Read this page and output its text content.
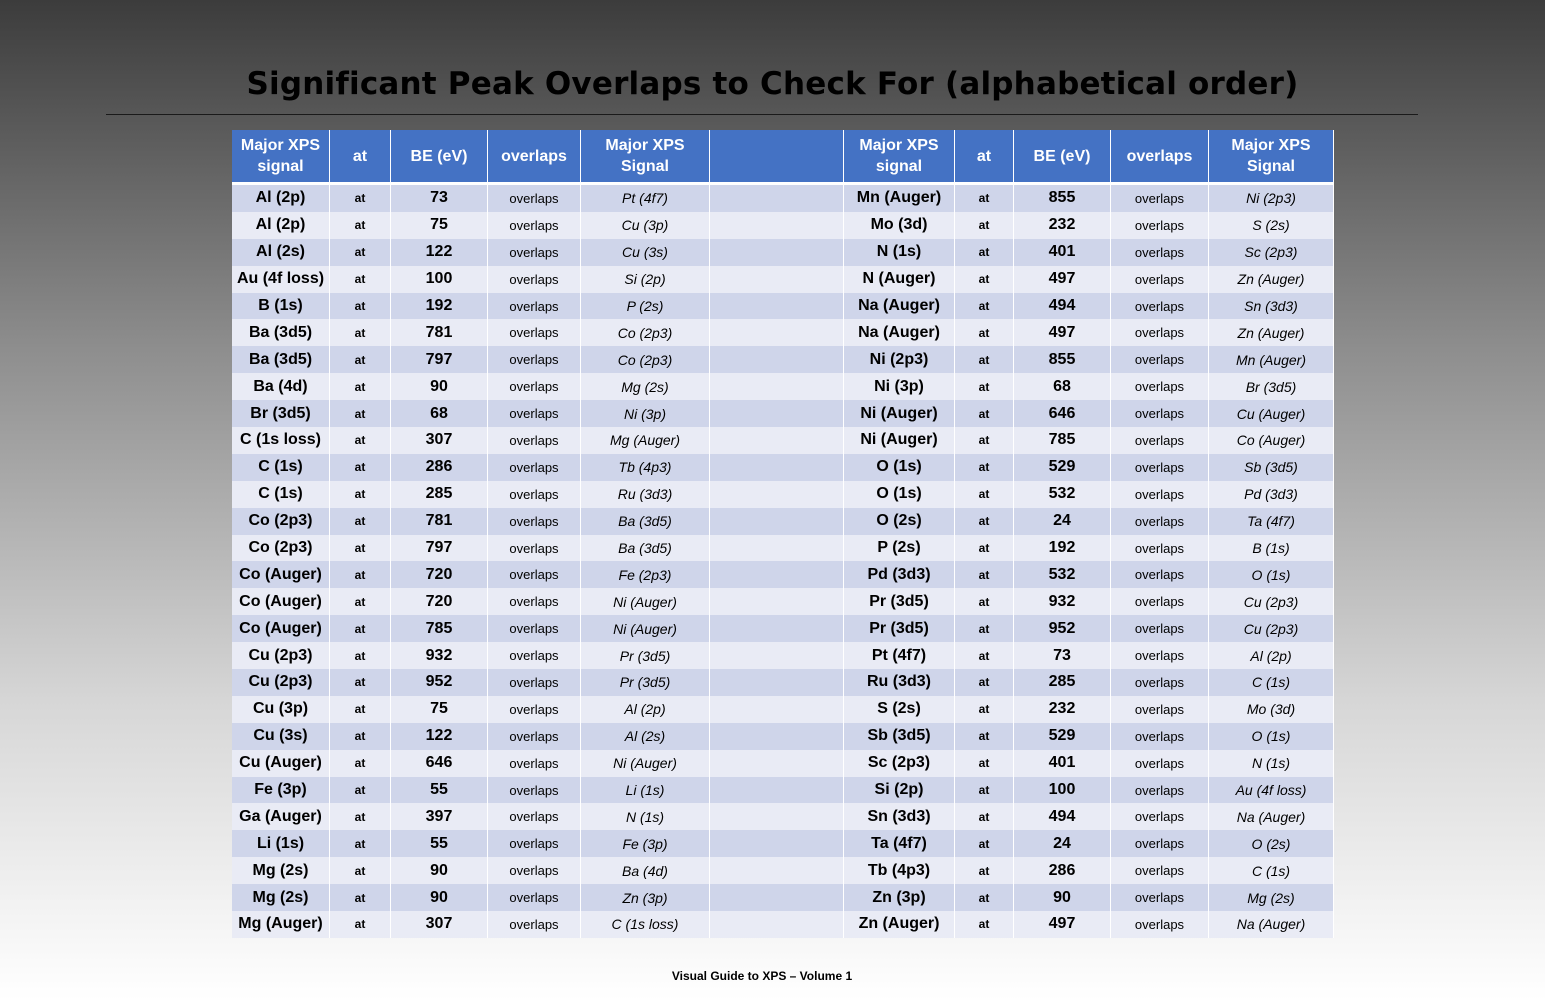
Significant Peak Overlaps to Check For (alphabetical order)
Major XPS signal	at	BE (eV)	overlaps	Major XPS Signal		Major XPS signal	at	BE (eV)	overlaps	Major XPS Signal
Al (2p)	at	73	overlaps	Pt (4f7)		Mn (Auger)	at	855	overlaps	Ni (2p3)
Al (2p)	at	75	overlaps	Cu (3p)		Mo (3d)	at	232	overlaps	S (2s)
Al (2s)	at	122	overlaps	Cu (3s)		N (1s)	at	401	overlaps	Sc (2p3)
Au (4f loss)	at	100	overlaps	Si (2p)		N (Auger)	at	497	overlaps	Zn (Auger)
B (1s)	at	192	overlaps	P (2s)		Na (Auger)	at	494	overlaps	Sn (3d3)
Ba (3d5)	at	781	overlaps	Co (2p3)		Na (Auger)	at	497	overlaps	Zn (Auger)
Ba (3d5)	at	797	overlaps	Co (2p3)		Ni (2p3)	at	855	overlaps	Mn (Auger)
Ba (4d)	at	90	overlaps	Mg (2s)		Ni (3p)	at	68	overlaps	Br (3d5)
Br (3d5)	at	68	overlaps	Ni (3p)		Ni (Auger)	at	646	overlaps	Cu (Auger)
C (1s loss)	at	307	overlaps	Mg (Auger)		Ni (Auger)	at	785	overlaps	Co (Auger)
C (1s)	at	286	overlaps	Tb (4p3)		O (1s)	at	529	overlaps	Sb (3d5)
C (1s)	at	285	overlaps	Ru (3d3)		O (1s)	at	532	overlaps	Pd (3d3)
Co (2p3)	at	781	overlaps	Ba (3d5)		O (2s)	at	24	overlaps	Ta (4f7)
Co (2p3)	at	797	overlaps	Ba (3d5)		P (2s)	at	192	overlaps	B (1s)
Co (Auger)	at	720	overlaps	Fe (2p3)		Pd (3d3)	at	532	overlaps	O (1s)
Co (Auger)	at	720	overlaps	Ni (Auger)		Pr (3d5)	at	932	overlaps	Cu (2p3)
Co (Auger)	at	785	overlaps	Ni (Auger)		Pr (3d5)	at	952	overlaps	Cu (2p3)
Cu (2p3)	at	932	overlaps	Pr (3d5)		Pt (4f7)	at	73	overlaps	Al (2p)
Cu (2p3)	at	952	overlaps	Pr (3d5)		Ru (3d3)	at	285	overlaps	C (1s)
Cu (3p)	at	75	overlaps	Al (2p)		S (2s)	at	232	overlaps	Mo (3d)
Cu (3s)	at	122	overlaps	Al (2s)		Sb (3d5)	at	529	overlaps	O (1s)
Cu (Auger)	at	646	overlaps	Ni (Auger)		Sc (2p3)	at	401	overlaps	N (1s)
Fe (3p)	at	55	overlaps	Li (1s)		Si (2p)	at	100	overlaps	Au (4f loss)
Ga (Auger)	at	397	overlaps	N (1s)		Sn (3d3)	at	494	overlaps	Na (Auger)
Li (1s)	at	55	overlaps	Fe (3p)		Ta (4f7)	at	24	overlaps	O (2s)
Mg (2s)	at	90	overlaps	Ba (4d)		Tb (4p3)	at	286	overlaps	C (1s)
Mg (2s)	at	90	overlaps	Zn (3p)		Zn (3p)	at	90	overlaps	Mg (2s)
Mg (Auger)	at	307	overlaps	C (1s loss)		Zn (Auger)	at	497	overlaps	Na (Auger)
Visual Guide to XPS – Volume 1
